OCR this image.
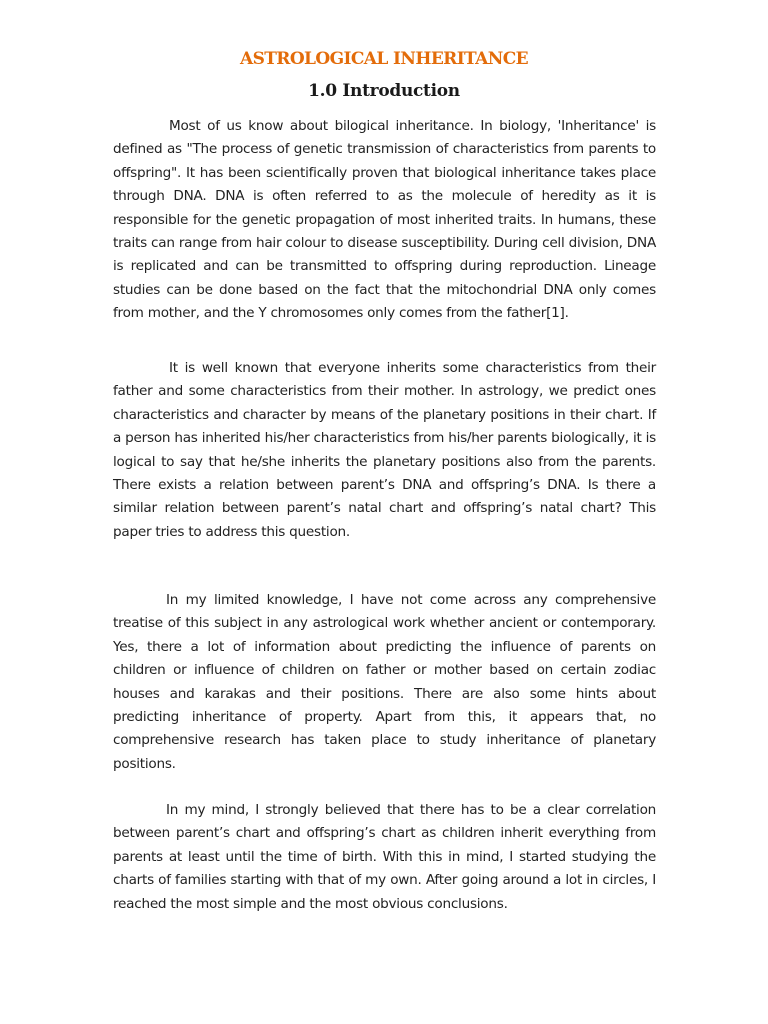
ASTROLOGICAL INHERITANCE
1.0 Introduction

Most of us know about bilogical inheritance. In biology, 'Inheritance' is defined as "The process of genetic transmission of characteristics from parents to offspring". It has been scientifically proven that biological inheritance takes place through DNA. DNA is often referred to as the molecule of heredity as it is responsible for the genetic propagation of most inherited traits. In humans, these traits can range from hair colour to disease susceptibility. During cell division, DNA is replicated and can be transmitted to offspring during reproduction. Lineage studies can be done based on the fact that the mitochondrial DNA only comes from mother, and the Y chromosomes only comes from the father[1].

It is well known that everyone inherits some characteristics from their father and some characteristics from their mother. In astrology, we predict ones characteristics and character by means of the planetary positions in their chart. If a person has inherited his/her characteristics from his/her parents biologically, it is logical to say that he/she inherits the planetary positions also from the parents. There exists a relation between parent’s DNA and offspring’s DNA. Is there a similar relation between parent’s natal chart and offspring’s natal chart? This paper tries to address this question.

In my limited knowledge, I have not come across any comprehensive treatise of this subject in any astrological work whether ancient or contemporary. Yes, there a lot of information about predicting the influence of parents on children or influence of children on father or mother based on certain zodiac houses and karakas and their positions. There are also some hints about predicting inheritance of property. Apart from this, it appears that, no comprehensive research has taken place to study inheritance of planetary positions.

In my mind, I strongly believed that there has to be a clear correlation between parent’s chart and offspring’s chart as children inherit everything from parents at least until the time of birth. With this in mind, I started studying the charts of families starting with that of my own. After going around a lot in circles, I reached the most simple and the most obvious conclusions.
